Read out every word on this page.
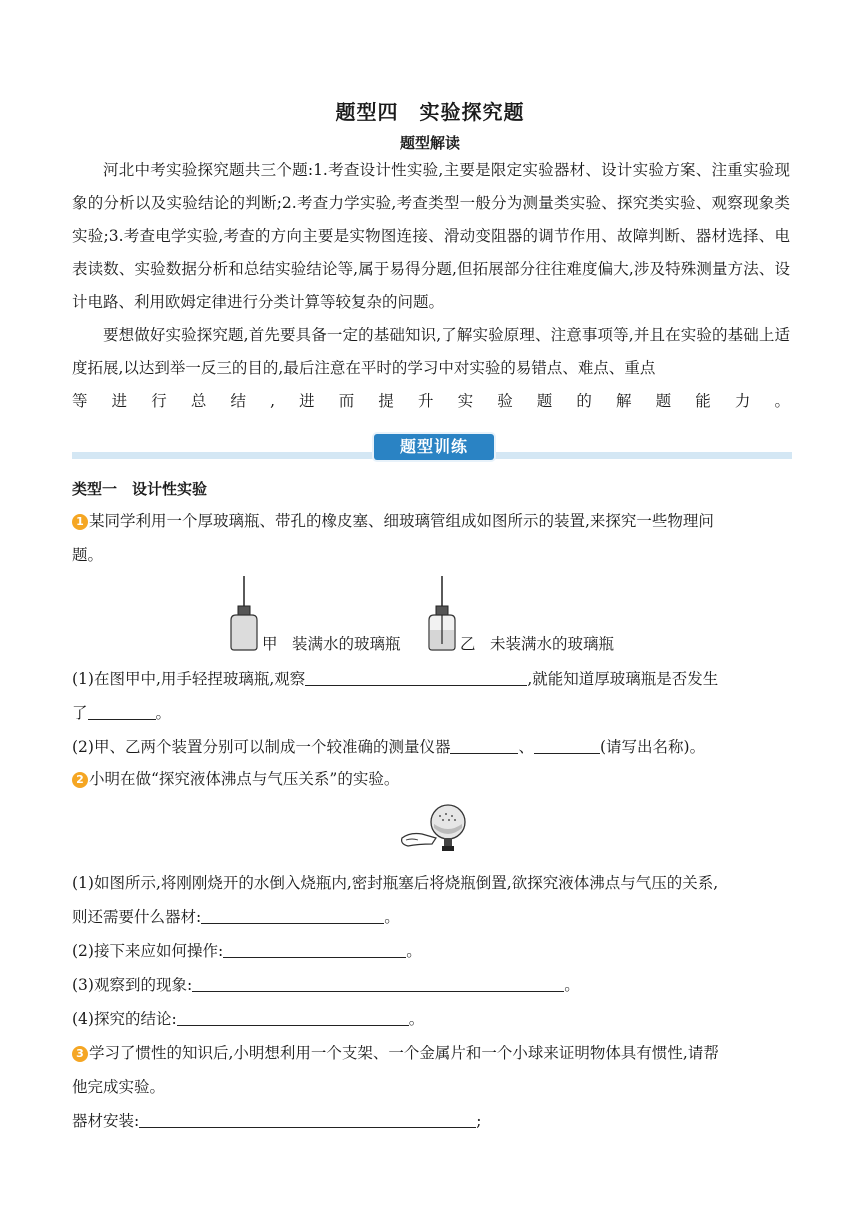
题型四　实验探究题
题型解读
河北中考实验探究题共三个题:1.考查设计性实验,主要是限定实验器材、设计实验方案、注重实验现象的分析以及实验结论的判断;2.考查力学实验,考查类型一般分为测量类实验、探究类实验、观察现象类实验;3.考查电学实验,考查的方向主要是实物图连接、滑动变阻器的调节作用、故障判断、器材选择、电表读数、实验数据分析和总结实验结论等,属于易得分题,但拓展部分往往难度偏大,涉及特殊测量方法、设计电路、利用欧姆定律进行分类计算等较复杂的问题。
要想做好实验探究题,首先要具备一定的基础知识,了解实验原理、注意事项等,并且在实验的基础上适度拓展,以达到举一反三的目的,最后注意在平时的学习中对实验的易错点、难点、重点
等进行总结,进而提升实验题的解题能力。
题型训练
类型一　设计性实验
1 某同学利用一个厚玻璃瓶、带孔的橡皮塞、细玻璃管组成如图所示的装置,来探究一些物理问
题。
甲 装满水的玻璃瓶	乙 未装满水的玻璃瓶
(1)在图甲中,用手轻捏玻璃瓶,观察	,就能知道厚玻璃瓶是否发生
了	。
(2)甲、乙两个装置分别可以制成一个较准确的测量仪器	、	(请写出名称)。
2 小明在做“探究液体沸点与气压关系”的实验。
(1)如图所示,将刚刚烧开的水倒入烧瓶内,密封瓶塞后将烧瓶倒置,欲探究液体沸点与气压的关系,
则还需要什么器材:	。
(2)接下来应如何操作:	。
(3)观察到的现象:	。
(4)探究的结论:	。
3 学习了惯性的知识后,小明想利用一个支架、一个金属片和一个小球来证明物体具有惯性,请帮
他完成实验。
器材安装:	;
